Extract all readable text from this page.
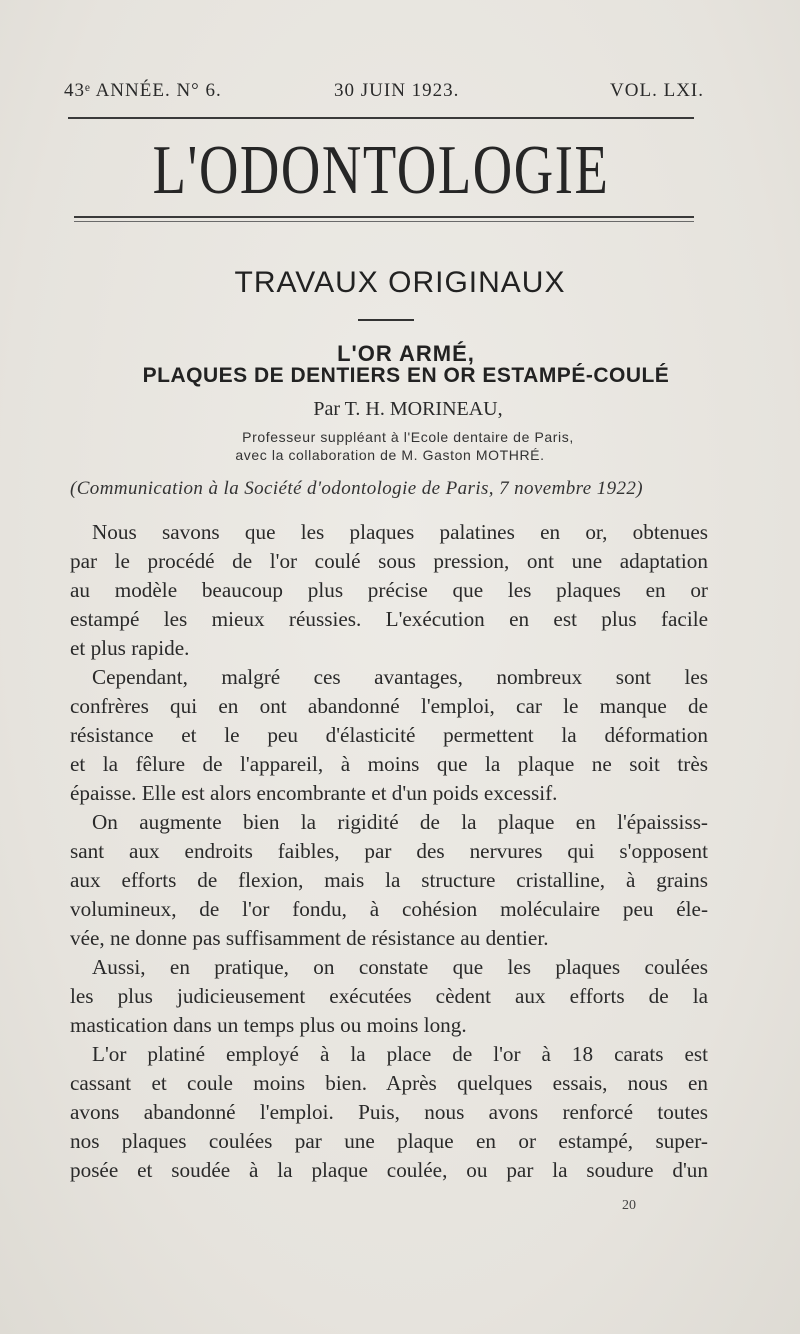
43ᵉ ANNÉE. N° 6.	30 JUIN 1923.	VOL. LXI.
L'ODONTOLOGIE
TRAVAUX ORIGINAUX
L'OR ARMÉ,
PLAQUES DE DENTIERS EN OR ESTAMPÉ-COULÉ
Par T. H. MORINEAU,
Professeur suppléant à l'Ecole dentaire de Paris,
avec la collaboration de M. Gaston MOTHRÉ.
(Communication à la Société d'odontologie de Paris, 7 novembre 1922)
Nous savons que les plaques palatines en or, obtenues
par le procédé de l'or coulé sous pression, ont une adaptation
au modèle beaucoup plus précise que les plaques en or
estampé les mieux réussies. L'exécution en est plus facile
et plus rapide.
Cependant, malgré ces avantages, nombreux sont les
confrères qui en ont abandonné l'emploi, car le manque de
résistance et le peu d'élasticité permettent la déformation
et la fêlure de l'appareil, à moins que la plaque ne soit très
épaisse. Elle est alors encombrante et d'un poids excessif.
On augmente bien la rigidité de la plaque en l'épaississ-
sant aux endroits faibles, par des nervures qui s'opposent
aux efforts de flexion, mais la structure cristalline, à grains
volumineux, de l'or fondu, à cohésion moléculaire peu éle-
vée, ne donne pas suffisamment de résistance au dentier.
Aussi, en pratique, on constate que les plaques coulées
les plus judicieusement exécutées cèdent aux efforts de la
mastication dans un temps plus ou moins long.
L'or platiné employé à la place de l'or à 18 carats est
cassant et coule moins bien. Après quelques essais, nous en
avons abandonné l'emploi. Puis, nous avons renforcé toutes
nos plaques coulées par une plaque en or estampé, super-
posée et soudée à la plaque coulée, ou par la soudure d'un
20
